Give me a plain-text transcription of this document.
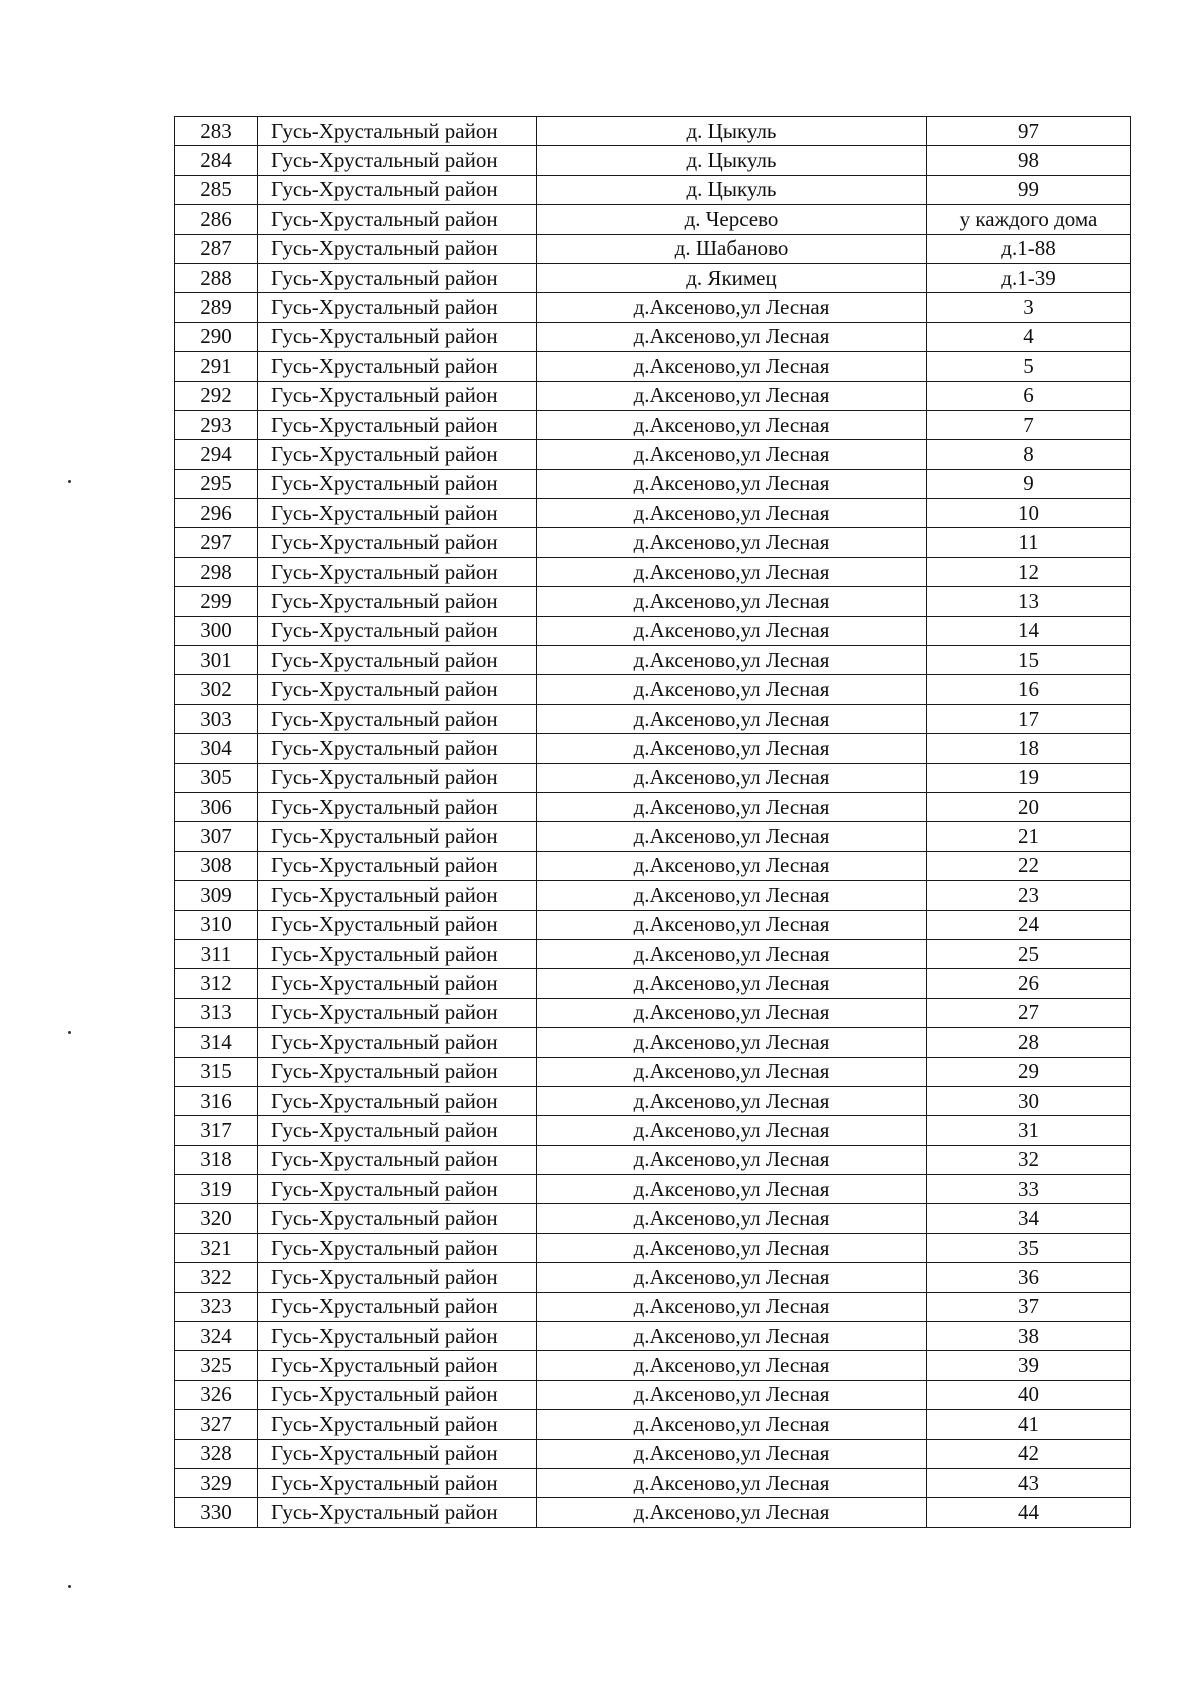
283	Гусь-Хрустальный район	д. Цыкуль	97
284	Гусь-Хрустальный район	д. Цыкуль	98
285	Гусь-Хрустальный район	д. Цыкуль	99
286	Гусь-Хрустальный район	д. Черсево	у каждого дома
287	Гусь-Хрустальный район	д. Шабаново	д.1-88
288	Гусь-Хрустальный район	д. Якимец	д.1-39
289	Гусь-Хрустальный район	д.Аксеново,ул Лесная	3
290	Гусь-Хрустальный район	д.Аксеново,ул Лесная	4
291	Гусь-Хрустальный район	д.Аксеново,ул Лесная	5
292	Гусь-Хрустальный район	д.Аксеново,ул Лесная	6
293	Гусь-Хрустальный район	д.Аксеново,ул Лесная	7
294	Гусь-Хрустальный район	д.Аксеново,ул Лесная	8
295	Гусь-Хрустальный район	д.Аксеново,ул Лесная	9
296	Гусь-Хрустальный район	д.Аксеново,ул Лесная	10
297	Гусь-Хрустальный район	д.Аксеново,ул Лесная	11
298	Гусь-Хрустальный район	д.Аксеново,ул Лесная	12
299	Гусь-Хрустальный район	д.Аксеново,ул Лесная	13
300	Гусь-Хрустальный район	д.Аксеново,ул Лесная	14
301	Гусь-Хрустальный район	д.Аксеново,ул Лесная	15
302	Гусь-Хрустальный район	д.Аксеново,ул Лесная	16
303	Гусь-Хрустальный район	д.Аксеново,ул Лесная	17
304	Гусь-Хрустальный район	д.Аксеново,ул Лесная	18
305	Гусь-Хрустальный район	д.Аксеново,ул Лесная	19
306	Гусь-Хрустальный район	д.Аксеново,ул Лесная	20
307	Гусь-Хрустальный район	д.Аксеново,ул Лесная	21
308	Гусь-Хрустальный район	д.Аксеново,ул Лесная	22
309	Гусь-Хрустальный район	д.Аксеново,ул Лесная	23
310	Гусь-Хрустальный район	д.Аксеново,ул Лесная	24
311	Гусь-Хрустальный район	д.Аксеново,ул Лесная	25
312	Гусь-Хрустальный район	д.Аксеново,ул Лесная	26
313	Гусь-Хрустальный район	д.Аксеново,ул Лесная	27
314	Гусь-Хрустальный район	д.Аксеново,ул Лесная	28
315	Гусь-Хрустальный район	д.Аксеново,ул Лесная	29
316	Гусь-Хрустальный район	д.Аксеново,ул Лесная	30
317	Гусь-Хрустальный район	д.Аксеново,ул Лесная	31
318	Гусь-Хрустальный район	д.Аксеново,ул Лесная	32
319	Гусь-Хрустальный район	д.Аксеново,ул Лесная	33
320	Гусь-Хрустальный район	д.Аксеново,ул Лесная	34
321	Гусь-Хрустальный район	д.Аксеново,ул Лесная	35
322	Гусь-Хрустальный район	д.Аксеново,ул Лесная	36
323	Гусь-Хрустальный район	д.Аксеново,ул Лесная	37
324	Гусь-Хрустальный район	д.Аксеново,ул Лесная	38
325	Гусь-Хрустальный район	д.Аксеново,ул Лесная	39
326	Гусь-Хрустальный район	д.Аксеново,ул Лесная	40
327	Гусь-Хрустальный район	д.Аксеново,ул Лесная	41
328	Гусь-Хрустальный район	д.Аксеново,ул Лесная	42
329	Гусь-Хрустальный район	д.Аксеново,ул Лесная	43
330	Гусь-Хрустальный район	д.Аксеново,ул Лесная	44
